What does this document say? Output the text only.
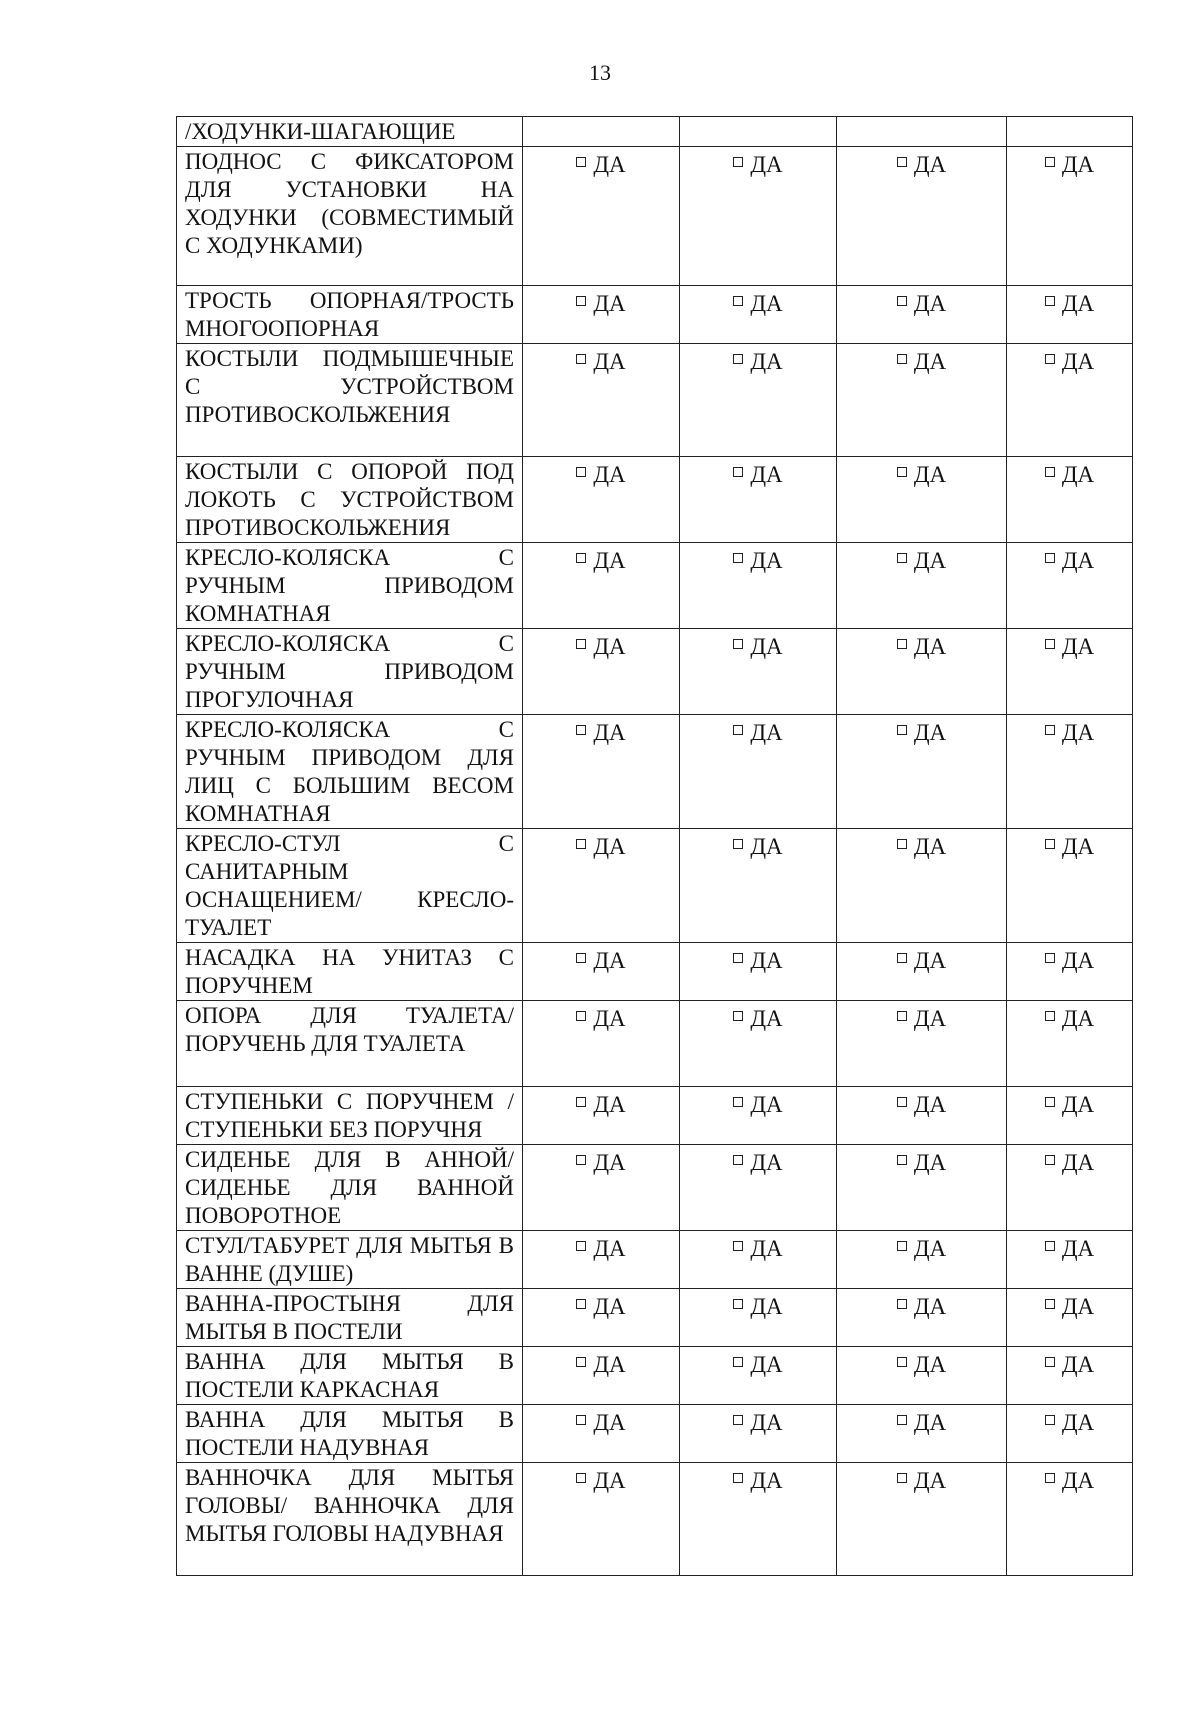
13
/ХОДУНКИ-ШАГАЮЩИЕ				
ПОДНОС С ФИКСАТОРОМ ДЛЯ УСТАНОВКИ НА ХОДУНКИ (СОВМЕСТИМЫЙ С ХОДУНКАМИ)	ДА	ДА	ДА	ДА

ТРОСТЬ ОПОРНАЯ/ТРОСТЬ МНОГООПОРНАЯ	ДА	ДА	ДА	ДА

КОСТЫЛИ ПОДМЫШЕЧНЫЕ С УСТРОЙСТВОМ ПРОТИВОСКОЛЬЖЕНИЯ	ДА	ДА	ДА	ДА

КОСТЫЛИ С ОПОРОЙ ПОД ЛОКОТЬ С УСТРОЙСТВОМ ПРОТИВОСКОЛЬЖЕНИЯ	ДА	ДА	ДА	ДА

КРЕСЛО-КОЛЯСКА С РУЧНЫМ ПРИВОДОМ КОМНАТНАЯ	ДА	ДА	ДА	ДА

КРЕСЛО-КОЛЯСКА С РУЧНЫМ ПРИВОДОМ ПРОГУЛОЧНАЯ	ДА	ДА	ДА	ДА

КРЕСЛО-КОЛЯСКА С РУЧНЫМ ПРИВОДОМ ДЛЯ ЛИЦ С БОЛЬШИМ ВЕСОМ КОМНАТНАЯ	ДА	ДА	ДА	ДА

КРЕСЛО-СТУЛ С САНИТАРНЫМ ОСНАЩЕНИЕМ/ КРЕСЛО-ТУАЛЕТ	ДА	ДА	ДА	ДА

НАСАДКА НА УНИТАЗ С ПОРУЧНЕМ	ДА	ДА	ДА	ДА

ОПОРА ДЛЯ ТУАЛЕТА/ПОРУЧЕНЬ ДЛЯ ТУАЛЕТА	ДА	ДА	ДА	ДА

СТУПЕНЬКИ С ПОРУЧНЕМ /СТУПЕНЬКИ БЕЗ ПОРУЧНЯ	ДА	ДА	ДА	ДА

СИДЕНЬЕ ДЛЯ В АННОЙ/СИДЕНЬЕ ДЛЯ ВАННОЙ ПОВОРОТНОЕ	ДА	ДА	ДА	ДА

СТУЛ/ТАБУРЕТ ДЛЯ МЫТЬЯ В ВАННЕ (ДУШЕ)	ДА	ДА	ДА	ДА

ВАННА-ПРОСТЫНЯ ДЛЯ МЫТЬЯ В ПОСТЕЛИ	ДА	ДА	ДА	ДА

ВАННА ДЛЯ МЫТЬЯ В ПОСТЕЛИ КАРКАСНАЯ	ДА	ДА	ДА	ДА

ВАННА ДЛЯ МЫТЬЯ В ПОСТЕЛИ НАДУВНАЯ	ДА	ДА	ДА	ДА

ВАННОЧКА ДЛЯ МЫТЬЯ ГОЛОВЫ/ ВАННОЧКА ДЛЯ МЫТЬЯ ГОЛОВЫ НАДУВНАЯ	ДА	ДА	ДА	ДА
